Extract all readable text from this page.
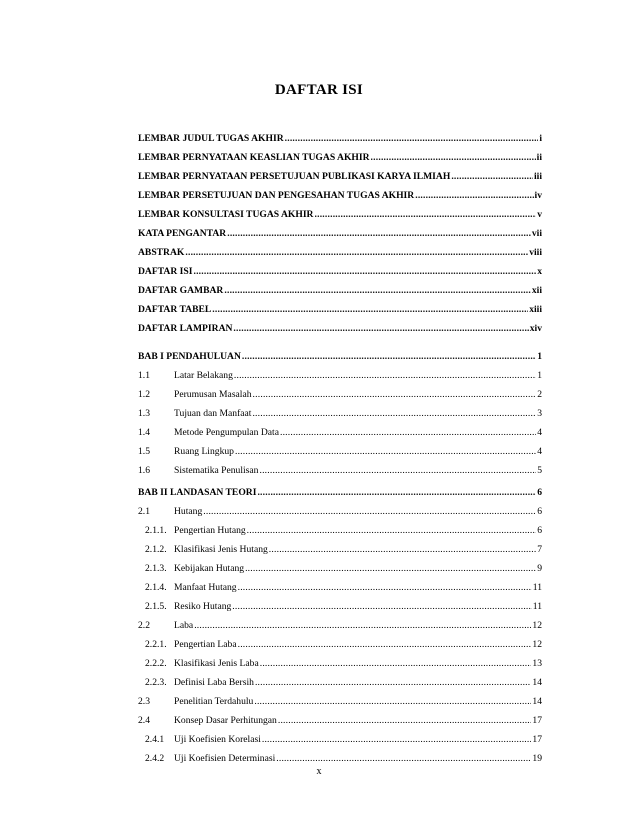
DAFTAR ISI
LEMBAR JUDUL TUGAS AKHIR .....	i
LEMBAR PERNYATAAN KEASLIAN TUGAS AKHIR .....	ii
LEMBAR PERNYATAAN PERSETUJUAN PUBLIKASI KARYA ILMIAH .....	iii
LEMBAR PERSETUJUAN DAN PENGESAHAN TUGAS AKHIR .....	iv
LEMBAR KONSULTASI TUGAS AKHIR .....	v
KATA PENGANTAR .....	vii
ABSTRAK .....	viii
DAFTAR ISI .....	x
DAFTAR GAMBAR .....	xii
DAFTAR TABEL .....	xiii
DAFTAR LAMPIRAN .....	xiv
BAB I PENDAHULUAN .....	1
1.1	Latar Belakang .....	1
1.2	Perumusan Masalah .....	2
1.3	Tujuan dan Manfaat .....	3
1.4	Metode Pengumpulan Data .....	4
1.5	Ruang Lingkup .....	4
1.6	Sistematika Penulisan .....	5
BAB II LANDASAN TEORI .....	6
2.1	Hutang .....	6
2.1.1. Pengertian Hutang .....	6
2.1.2. Klasifikasi Jenis Hutang .....	7
2.1.3. Kebijakan Hutang .....	9
2.1.4. Manfaat Hutang .....	11
2.1.5. Resiko Hutang .....	11
2.2	Laba .....	12
2.2.1. Pengertian Laba .....	12
2.2.2. Klasifikasi Jenis Laba .....	13
2.2.3. Definisi Laba Bersih .....	14
2.3	Penelitian Terdahulu .....	14
2.4	Konsep Dasar Perhitungan .....	17
2.4.1	Uji Koefisien Korelasi .....	17
2.4.2	Uji Koefisien Determinasi .....	19
x
